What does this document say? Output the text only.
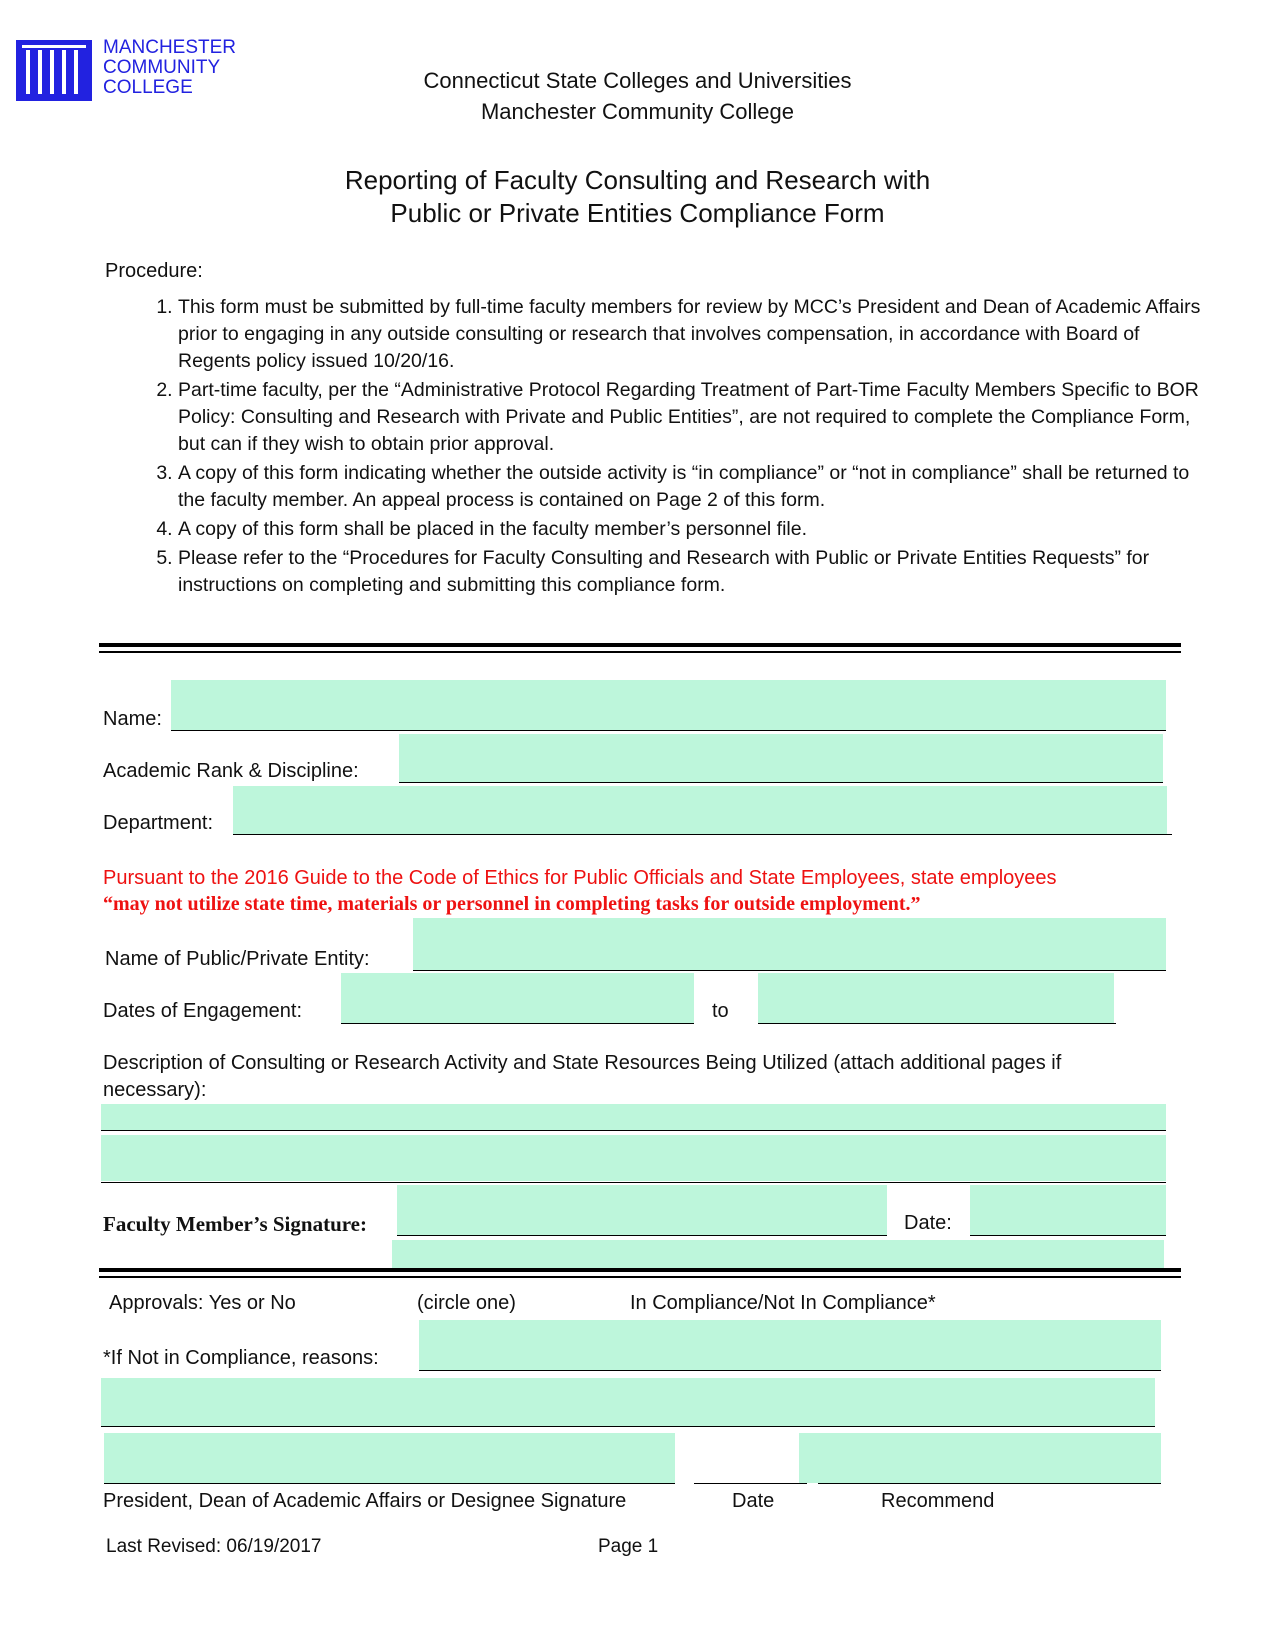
MANCHESTER
COMMUNITY
COLLEGE	Connecticut State Colleges and Universities
Manchester Community College
Reporting of Faculty Consulting and Research with
Public or Private Entities Compliance Form
Procedure:
1. This form must be submitted by full-time faculty members for review by MCC’s President and Dean of Academic Affairs prior to engaging in any outside consulting or research that involves compensation, in accordance with Board of Regents policy issued 10/20/16.
2. Part-time faculty, per the “Administrative Protocol Regarding Treatment of Part-Time Faculty Members Specific to BOR Policy: Consulting and Research with Private and Public Entities”, are not required to complete the Compliance Form, but can if they wish to obtain prior approval.
3. A copy of this form indicating whether the outside activity is “in compliance” or “not in compliance” shall be returned to the faculty member. An appeal process is contained on Page 2 of this form.
4. A copy of this form shall be placed in the faculty member’s personnel file.
5. Please refer to the “Procedures for Faculty Consulting and Research with Public or Private Entities Requests” for instructions on completing and submitting this compliance form.
Name:
Academic Rank & Discipline:
Department:
Pursuant to the 2016 Guide to the Code of Ethics for Public Officials and State Employees, state employees
“may not utilize state time, materials or personnel in completing tasks for outside employment.”
Name of Public/Private Entity:
Dates of Engagement:	to
Description of Consulting or Research Activity and State Resources Being Utilized (attach additional pages if
necessary):
Faculty Member’s Signature:	Date:
Approvals: Yes or No	(circle one)	In Compliance/Not In Compliance*
*If Not in Compliance, reasons:
President, Dean of Academic Affairs or Designee Signature	Date	Recommend
Last Revised: 06/19/2017	Page 1
